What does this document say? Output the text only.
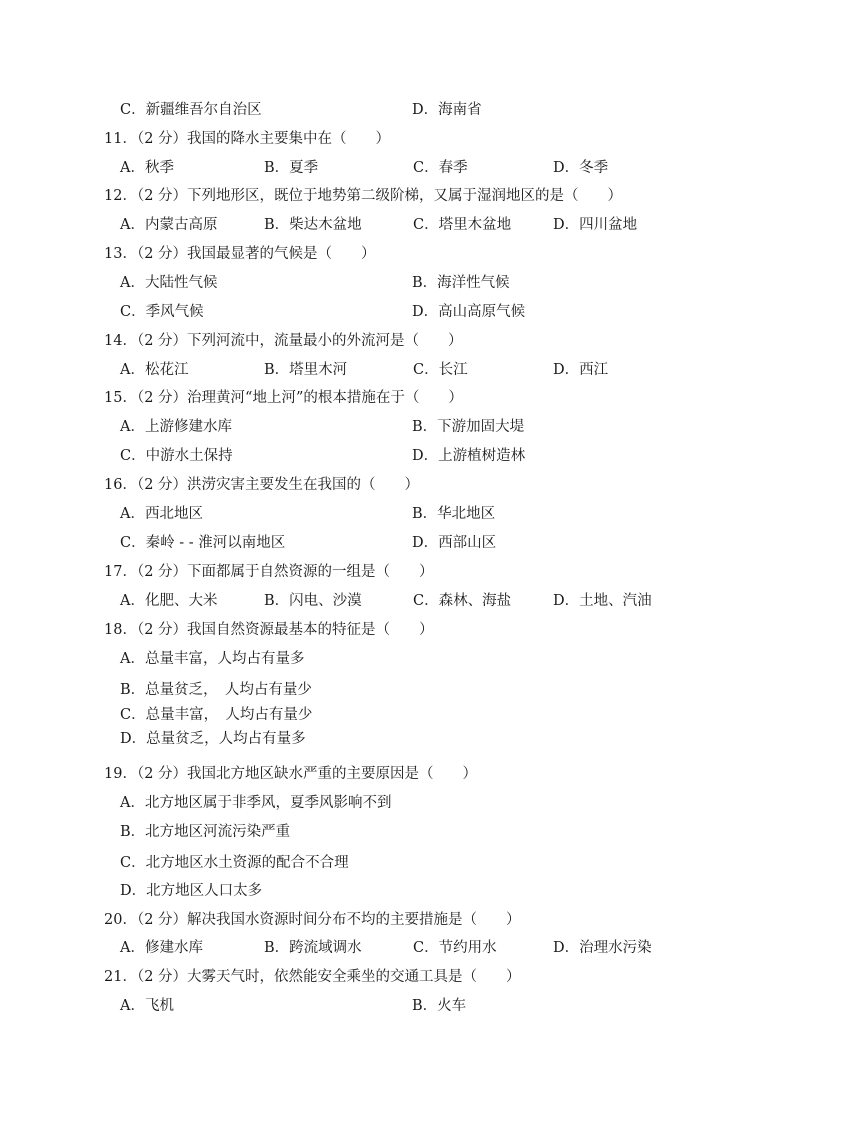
C．新疆维吾尔自治区	D．海南省
11．（2 分）我国的降水主要集中在（　　）
A．秋季	B．夏季	C．春季	D．冬季
12．（2 分）下列地形区，既位于地势第二级阶梯，又属于湿润地区的是（　　）
A．内蒙古高原	B．柴达木盆地	C．塔里木盆地	D．四川盆地
13．（2 分）我国最显著的气候是（　　）
A．大陆性气候	B．海洋性气候
C．季风气候	D．高山高原气候
14．（2 分）下列河流中，流量最小的外流河是（　　）
A．松花江	B．塔里木河	C．长江	D．西江
15．（2 分）治理黄河“地上河”的根本措施在于（　　）
A．上游修建水库	B．下游加固大堤
C．中游水土保持	D．上游植树造林
16．（2 分）洪涝灾害主要发生在我国的（　　）
A．西北地区	B．华北地区
C．秦岭 - - 淮河以南地区	D．西部山区
17．（2 分）下面都属于自然资源的一组是（　　）
A．化肥、大米	B．闪电、沙漠	C．森林、海盐	D．土地、汽油
18．（2 分）我国自然资源最基本的特征是（　　）
A．总量丰富，人均占有量多
B．总量贫乏，　人均占有量少
C．总量丰富，　人均占有量少
D．总量贫乏，人均占有量多
19．（2 分）我国北方地区缺水严重的主要原因是（　　）
A．北方地区属于非季风，夏季风影响不到
B．北方地区河流污染严重
C．北方地区水土资源的配合不合理
D．北方地区人口太多
20．（2 分）解决我国水资源时间分布不均的主要措施是（　　）
A．修建水库	B．跨流域调水	C．节约用水	D．治理水污染
21．（2 分）大雾天气时，依然能安全乘坐的交通工具是（　　）
A．飞机	B．火车
